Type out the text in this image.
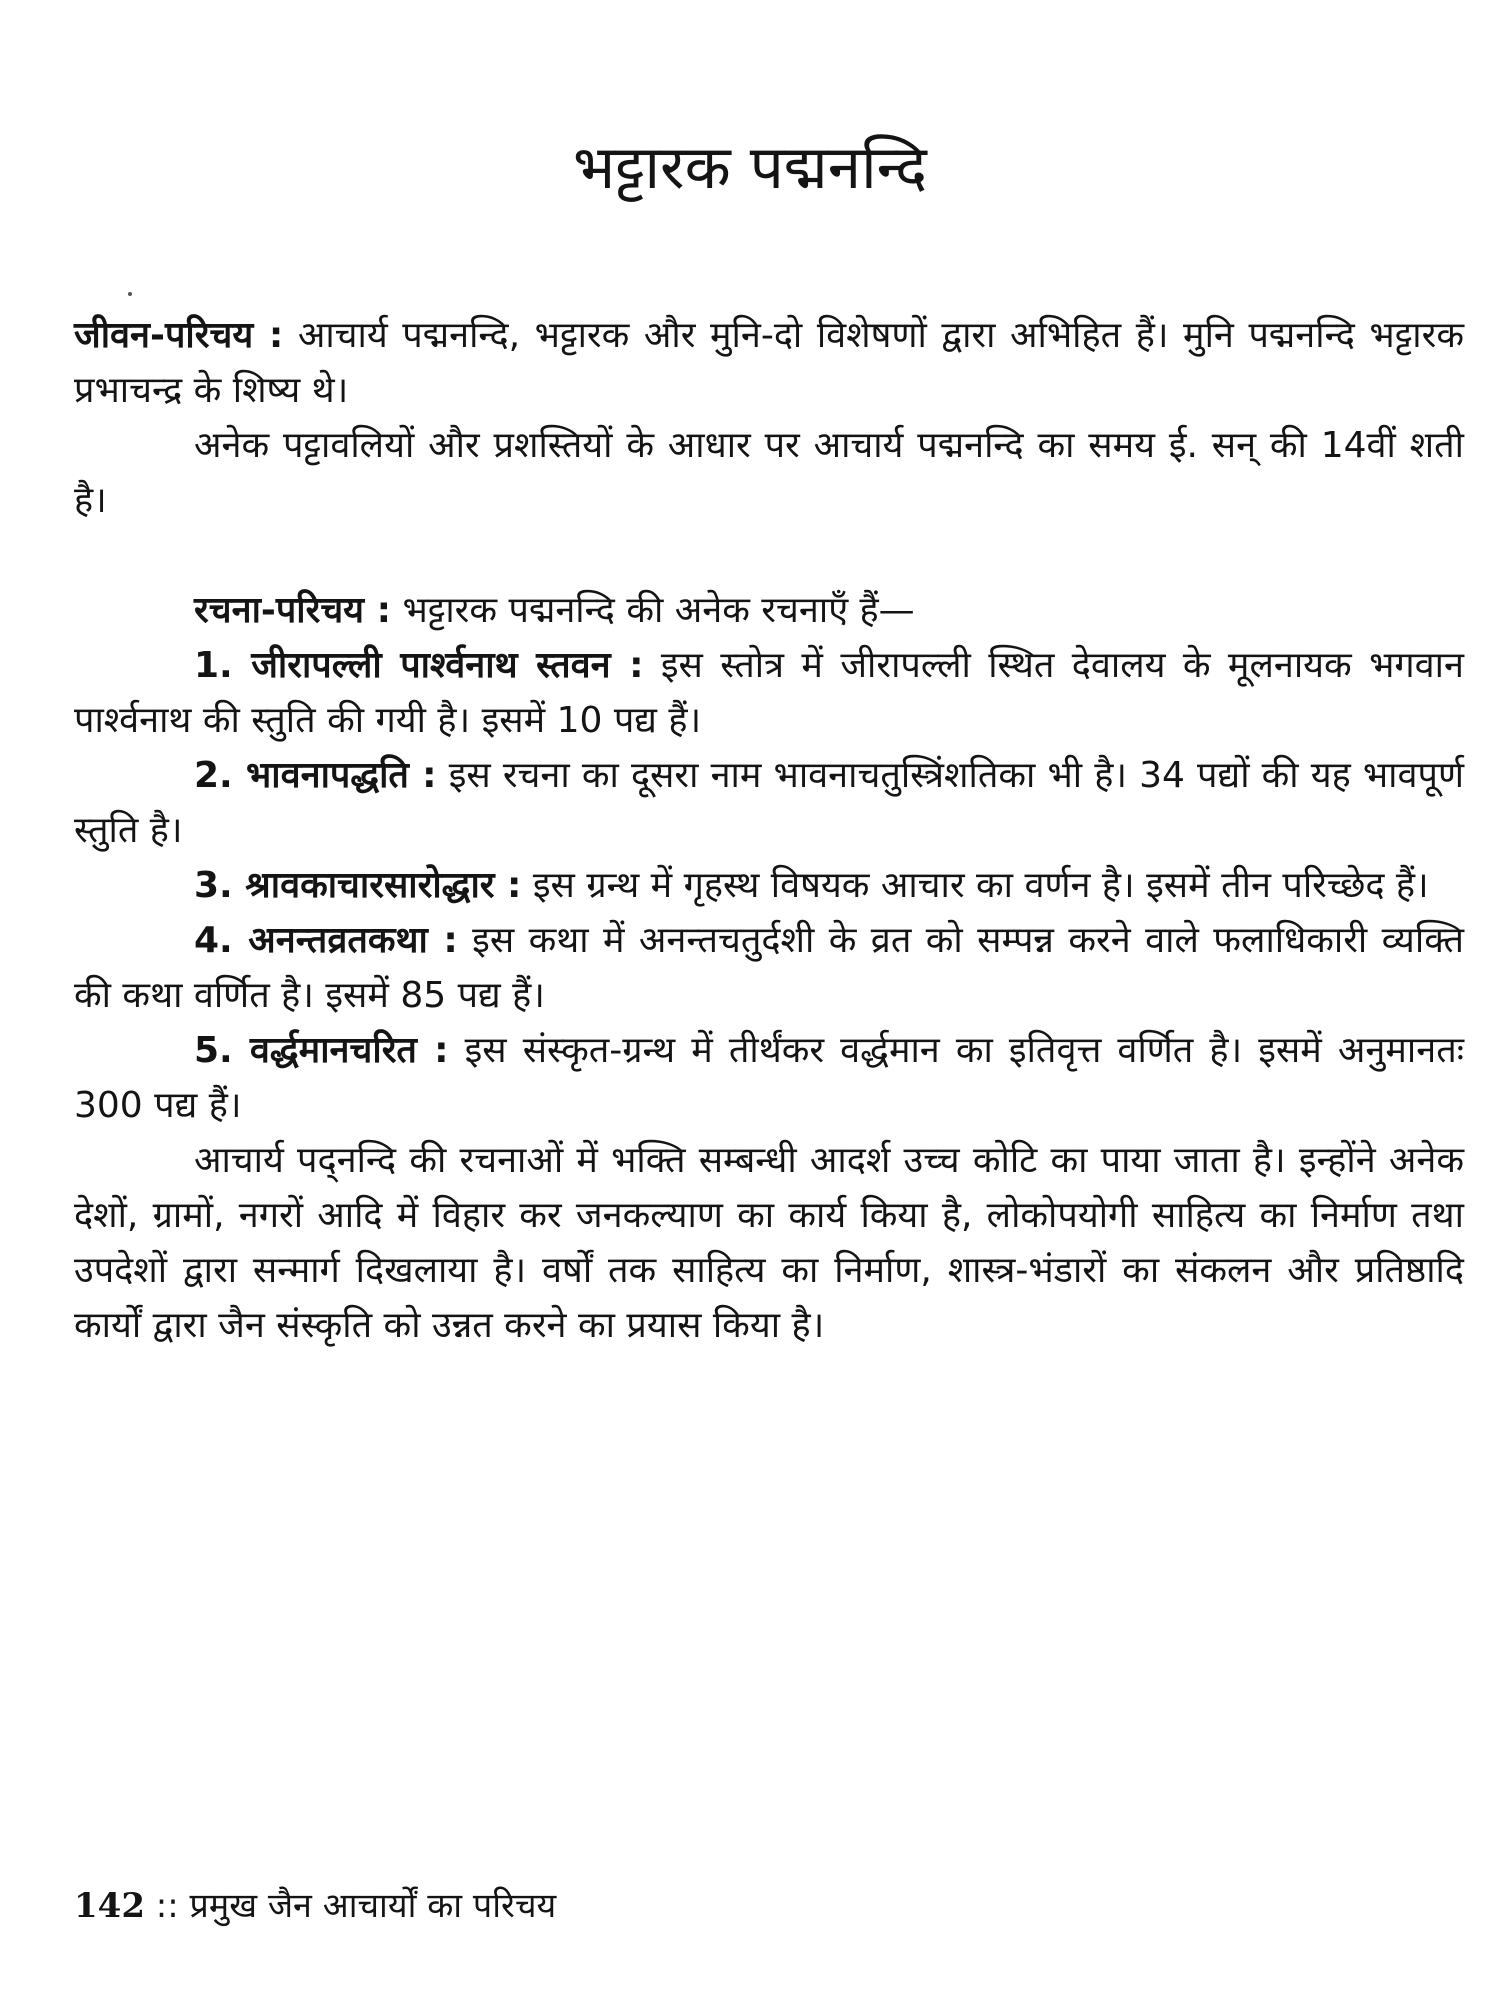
भट्टारक पद्मनन्दि

जीवन-परिचय : आचार्य पद्मनन्दि, भट्टारक और मुनि-दो विशेषणों द्वारा अभिहित हैं। मुनि पद्मनन्दि भट्टारक प्रभाचन्द्र के शिष्य थे।

अनेक पट्टावलियों और प्रशस्तियों के आधार पर आचार्य पद्मनन्दि का समय ई. सन् की 14वीं शती है।

रचना-परिचय : भट्टारक पद्मनन्दि की अनेक रचनाएँ हैं—

1. जीरापल्ली पार्श्वनाथ स्तवन : इस स्तोत्र में जीरापल्ली स्थित देवालय के मूलनायक भगवान पार्श्वनाथ की स्तुति की गयी है। इसमें 10 पद्य हैं।

2. भावनापद्धति : इस रचना का दूसरा नाम भावनाचतुस्त्रिंशतिका भी है। 34 पद्यों की यह भावपूर्ण स्तुति है।

3. श्रावकाचारसारोद्धार : इस ग्रन्थ में गृहस्थ विषयक आचार का वर्णन है। इसमें तीन परिच्छेद हैं।

4. अनन्तव्रतकथा : इस कथा में अनन्तचतुर्दशी के व्रत को सम्पन्न करने वाले फलाधिकारी व्यक्ति की कथा वर्णित है। इसमें 85 पद्य हैं।

5. वर्द्धमानचरित : इस संस्कृत-ग्रन्थ में तीर्थंकर वर्द्धमान का इतिवृत्त वर्णित है। इसमें अनुमानतः 300 पद्य हैं।

आचार्य पद्नन्दि की रचनाओं में भक्ति सम्बन्धी आदर्श उच्च कोटि का पाया जाता है। इन्होंने अनेक देशों, ग्रामों, नगरों आदि में विहार कर जनकल्याण का कार्य किया है, लोकोपयोगी साहित्य का निर्माण तथा उपदेशों द्वारा सन्मार्ग दिखलाया है। वर्षों तक साहित्य का निर्माण, शास्त्र-भंडारों का संकलन और प्रतिष्ठादि कार्यों द्वारा जैन संस्कृति को उन्नत करने का प्रयास किया है।

142 :: प्रमुख जैन आचार्यों का परिचय
